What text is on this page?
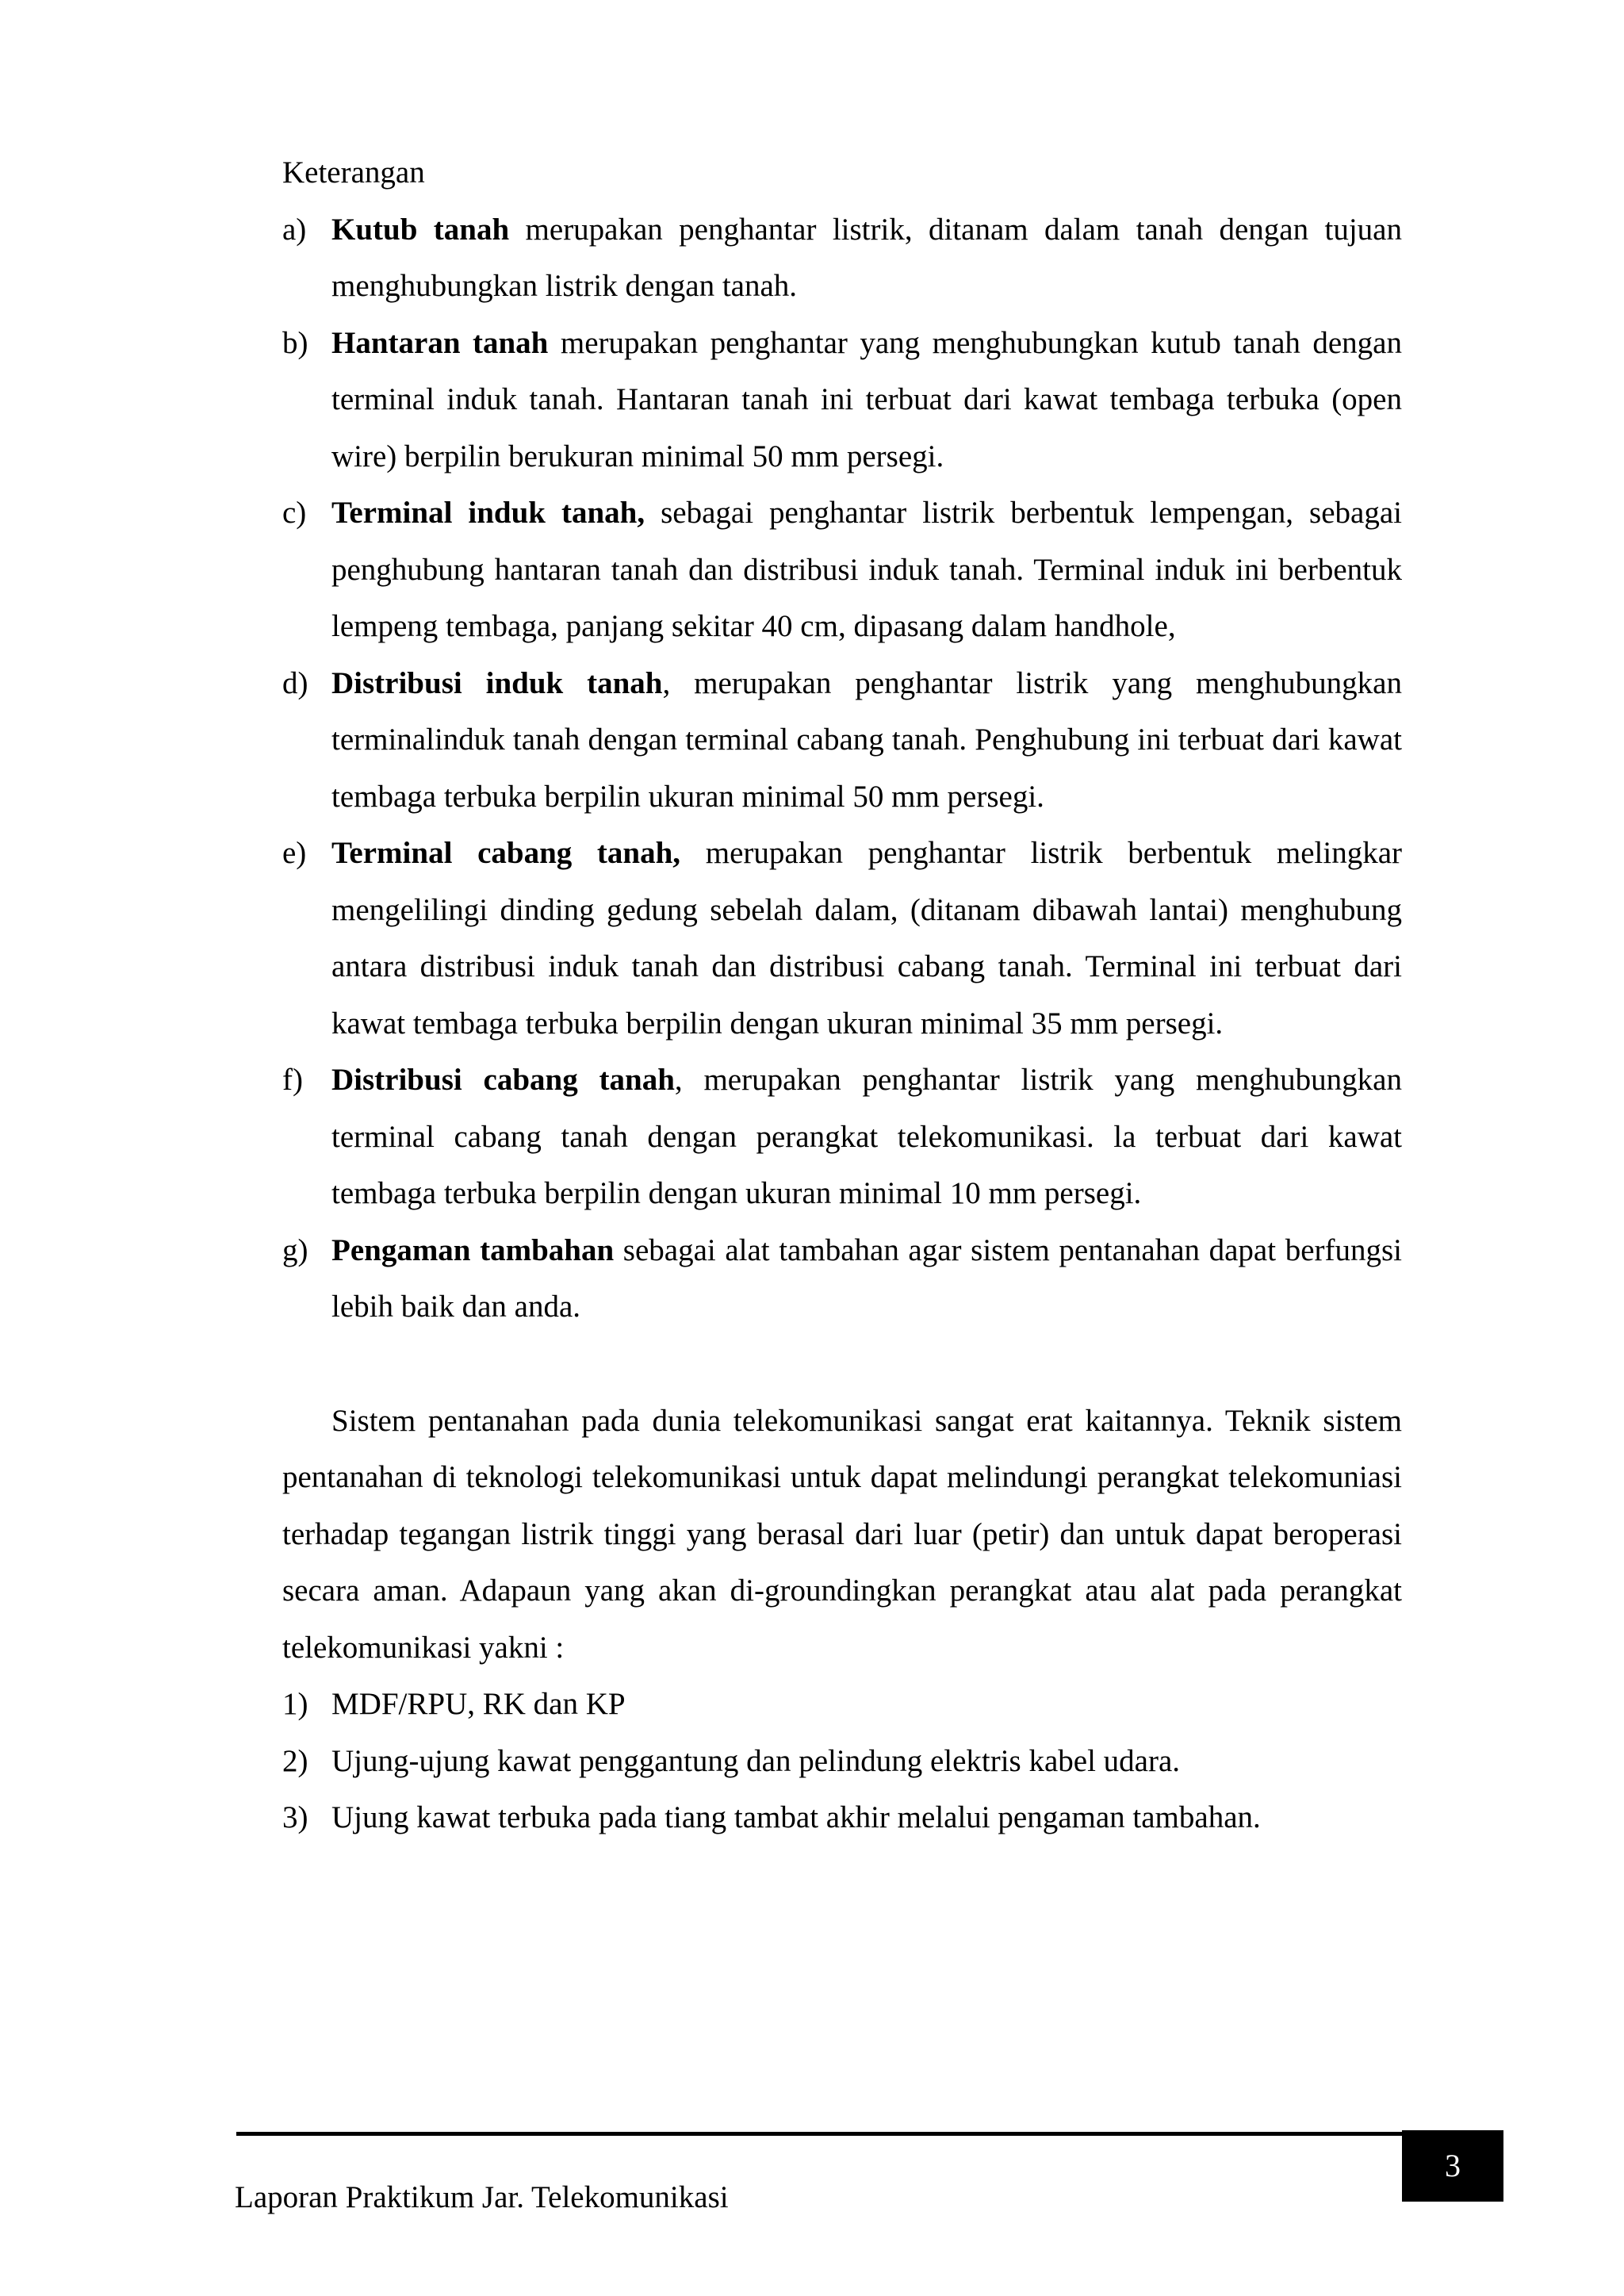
Keterangan

a) Kutub tanah merupakan penghantar listrik, ditanam dalam tanah dengan tujuan menghubungkan listrik dengan tanah.
b) Hantaran tanah merupakan penghantar yang menghubungkan kutub tanah dengan terminal induk tanah. Hantaran tanah ini terbuat dari kawat tembaga terbuka (open wire) berpilin berukuran minimal 50 mm persegi.
c) Terminal induk tanah, sebagai penghantar listrik berbentuk lempengan, sebagai penghubung hantaran tanah dan distribusi induk tanah. Terminal induk ini berbentuk lempeng tembaga, panjang sekitar 40 cm, dipasang dalam handhole,
d) Distribusi induk tanah, merupakan penghantar listrik yang menghubungkan terminalinduk tanah dengan terminal cabang tanah. Penghubung ini terbuat dari kawat tembaga terbuka berpilin ukuran minimal 50 mm persegi.
e) Terminal cabang tanah, merupakan penghantar listrik berbentuk melingkar mengelilingi dinding gedung sebelah dalam, (ditanam dibawah lantai) menghubung antara distribusi induk tanah dan distribusi cabang tanah. Terminal ini terbuat dari kawat tembaga terbuka berpilin dengan ukuran minimal 35 mm persegi.
f) Distribusi cabang tanah, merupakan penghantar listrik yang menghubungkan terminal cabang tanah dengan perangkat telekomunikasi. la terbuat dari kawat tembaga terbuka berpilin dengan ukuran minimal 10 mm persegi.
g) Pengaman tambahan sebagai alat tambahan agar sistem pentanahan dapat berfungsi lebih baik dan anda.

Sistem pentanahan pada dunia telekomunikasi sangat erat kaitannya. Teknik sistem pentanahan di teknologi telekomunikasi untuk dapat melindungi perangkat telekomuniasi terhadap tegangan listrik tinggi yang berasal dari luar (petir) dan untuk dapat beroperasi secara aman. Adapaun yang akan di-groundingkan perangkat atau alat pada perangkat telekomunikasi yakni :

1) MDF/RPU, RK dan KP
2) Ujung-ujung kawat penggantung dan pelindung elektris kabel udara.
3) Ujung kawat terbuka pada tiang tambat akhir melalui pengaman tambahan.
3
Laporan Praktikum Jar. Telekomunikasi
